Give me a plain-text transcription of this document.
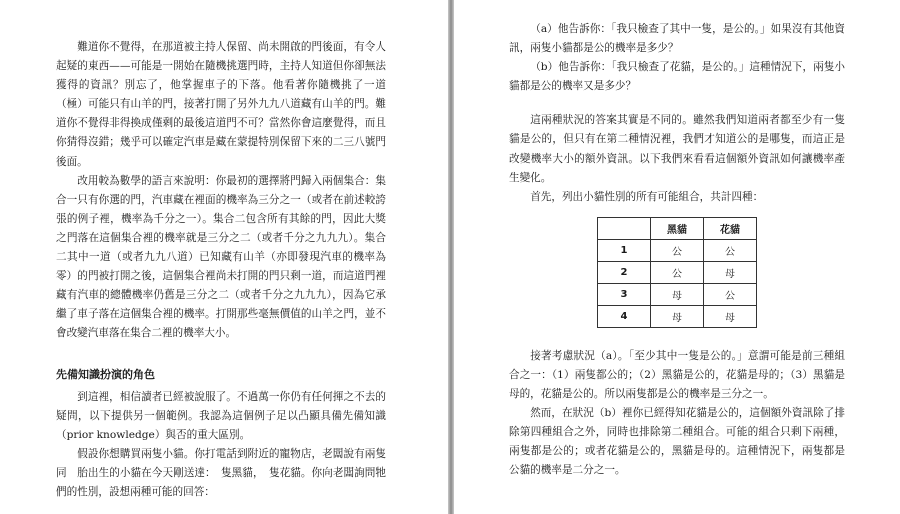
難道你不覺得，在那道被主持人保留、尚未開啟的門後面，有令人起疑的東西——可能是一開始在隨機挑選門時，主持人知道但你卻無法獲得的資訊？別忘了，他掌握車子的下落。他看著你隨機挑了一道（極）可能只有山羊的門，接著打開了另外九九八道藏有山羊的門。難道你不覺得非得換成僅剩的最後這道門不可？當然你會這麼覺得，而且你猜得沒錯；幾乎可以確定汽車是藏在蒙提特別保留下來的二三八號門後面。

改用較為數學的語言來說明：你最初的選擇將門歸入兩個集合：集合一只有你選的門，汽車藏在裡面的機率為三分之一（或者在前述較誇張的例子裡，機率為千分之一）。集合二包含所有其餘的門，因此大獎之門落在這個集合裡的機率就是三分之二（或者千分之九九九）。集合二其中一道（或者九九八道）已知藏有山羊（亦即發現汽車的機率為零）的門被打開之後，這個集合裡尚未打開的門只剩一道，而這道門裡藏有汽車的總體機率仍舊是三分之二（或者千分之九九九），因為它承繼了車子落在這個集合裡的機率。打開那些毫無價值的山羊之門，並不會改變汽車落在集合二裡的機率大小。

先備知識扮演的角色

到這裡，相信讀者已經被說服了。不過萬一你仍有任何揮之不去的疑問，以下提供另一個範例。我認為這個例子足以凸顯具備先備知識（prior knowledge）與否的重大區別。

假設你想購買兩隻小貓。你打電話到附近的寵物店，老闆說有兩隻同　胎出生的小貓在今天剛送達：　隻黑貓，　隻花貓。你向老闆詢問牠們的性別，設想兩種可能的回答：

（a）他告訴你：「我只檢查了其中一隻，是公的。」如果沒有其他資訊，兩隻小貓都是公的機率是多少？

（b）他告訴你：「我只檢查了花貓，是公的。」這種情況下，兩隻小貓都是公的機率又是多少？

這兩種狀況的答案其實是不同的。雖然我們知道兩者都至少有一隻貓是公的，但只有在第二種情況裡，我們才知道公的是哪隻，而這正是改變機率大小的額外資訊。以下我們來看看這個額外資訊如何讓機率產生變化。

首先，列出小貓性別的所有可能組合，共計四種：

	黑貓	花貓
1	公	公
2	公	母
3	母	公
4	母	母

接著考慮狀況（a）。「至少其中一隻是公的。」意謂可能是前三種組合之一：（1）兩隻都公的；（2）黑貓是公的，花貓是母的；（3）黑貓是母的，花貓是公的。所以兩隻都是公的機率是三分之一。

然而，在狀況（b）裡你已經得知花貓是公的，這個額外資訊除了排除第四種組合之外，同時也排除第二種組合。可能的組合只剩下兩種，兩隻都是公的；或者花貓是公的，黑貓是母的。這種情況下，兩隻都是公貓的機率是二分之一。
